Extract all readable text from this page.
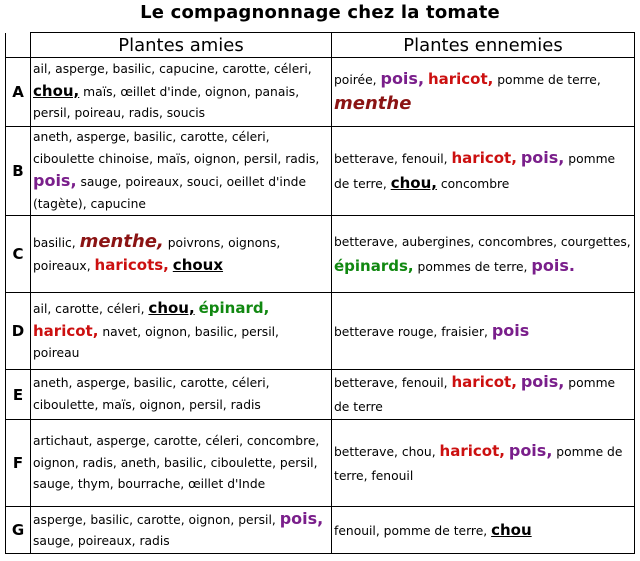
Le compagnonnage chez la tomate
	Plantes amies	Plantes ennemies
A	ail, asperge, basilic, capucine, carotte, céleri, chou, maïs, œillet d'inde, oignon, panais, persil, poireau, radis, soucis	poirée, pois, haricot, pomme de terre, menthe
B	aneth, asperge, basilic, carotte, céleri, ciboulette chinoise, maïs, oignon, persil, radis, pois, sauge, poireaux, souci, oeillet d'inde (tagète), capucine	betterave, fenouil, haricot, pois, pomme de terre, chou, concombre
C	basilic, menthe, poivrons, oignons, poireaux, haricots, choux	betterave, aubergines, concombres, courgettes, épinards, pommes de terre, pois.
D	ail, carotte, céleri, chou, épinard, haricot, navet, oignon, basilic, persil, poireau	betterave rouge, fraisier, pois
E	aneth, asperge, basilic, carotte, céleri, ciboulette, maïs, oignon, persil, radis	betterave, fenouil, haricot, pois, pomme de terre
F	artichaut, asperge, carotte, céleri, concombre, oignon, radis, aneth, basilic, ciboulette, persil, sauge, thym, bourrache, œillet d'Inde	betterave, chou, haricot, pois, pomme de terre, fenouil
G	asperge, basilic, carotte, oignon, persil, pois, sauge, poireaux, radis	fenouil, pomme de terre, chou
